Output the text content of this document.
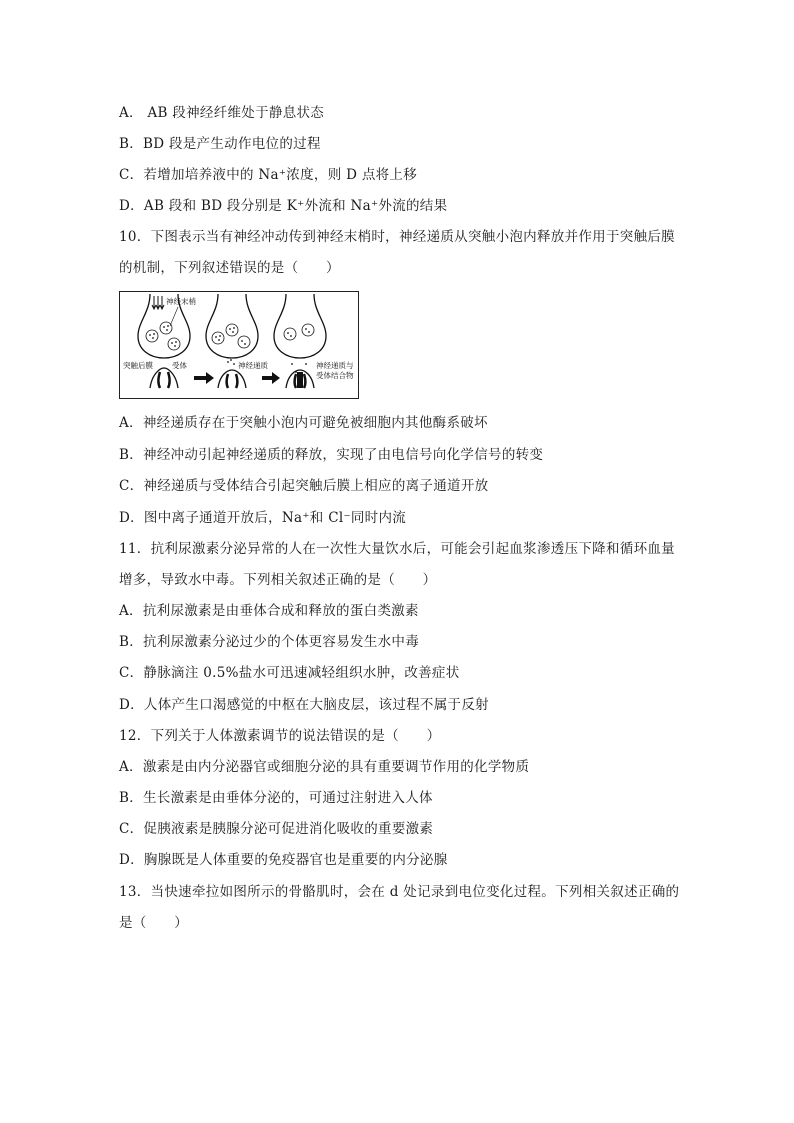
A． AB 段神经纤维处于静息状态
B．BD 段是产生动作电位的过程
C．若增加培养液中的 Na⁺浓度，则 D 点将上移
D．AB 段和 BD 段分别是 K⁺外流和 Na⁺外流的结果
10．下图表示当有神经冲动传到神经末梢时，神经递质从突触小泡内释放并作用于突触后膜
的机制，下列叙述错误的是（　　）
神经末梢
突触后膜	受体	神经递质	神经递质与
受体结合物
A．神经递质存在于突触小泡内可避免被细胞内其他酶系破坏
B．神经冲动引起神经递质的释放，实现了由电信号向化学信号的转变
C．神经递质与受体结合引起突触后膜上相应的离子通道开放
D．图中离子通道开放后，Na⁺和 Cl⁻同时内流
11．抗利尿激素分泌异常的人在一次性大量饮水后，可能会引起血浆渗透压下降和循环血量
增多，导致水中毒。下列相关叙述正确的是（　　）
A．抗利尿激素是由垂体合成和释放的蛋白类激素
B．抗利尿激素分泌过少的个体更容易发生水中毒
C．静脉滴注 0.5%盐水可迅速减轻组织水肿，改善症状
D．人体产生口渴感觉的中枢在大脑皮层，该过程不属于反射
12．下列关于人体激素调节的说法错误的是（　　）
A．激素是由内分泌器官或细胞分泌的具有重要调节作用的化学物质
B．生长激素是由垂体分泌的，可通过注射进入人体
C．促胰液素是胰腺分泌可促进消化吸收的重要激素
D．胸腺既是人体重要的免疫器官也是重要的内分泌腺
13．当快速牵拉如图所示的骨骼肌时，会在 d 处记录到电位变化过程。下列相关叙述正确的
是（　　）
